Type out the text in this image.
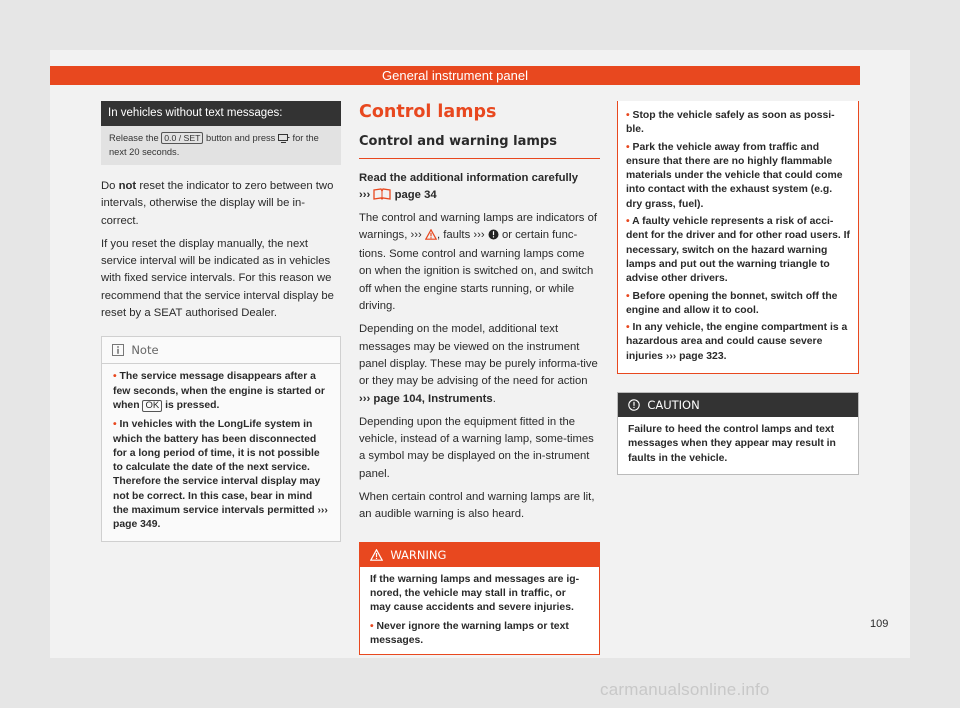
General instrument panel
In vehicles without text messages:
Release the 0.0 / SET button and press for the next 20 seconds.

Do not reset the indicator to zero between two intervals, otherwise the display will be in-correct.

If you reset the display manually, the next service interval will be indicated as in vehicles with fixed service intervals. For this reason we recommend that the service interval display be reset by a SEAT authorised Dealer.

Note

• The service message disappears after a few seconds, when the engine is started or when OK is pressed.

• In vehicles with the LongLife system in which the battery has been disconnected for a long period of time, it is not possible to calculate the date of the next service. Therefore the service interval display may not be correct. In this case, bear in mind the maximum service intervals permitted ››› page 349.

Control lamps
Control and warning lamps

Read the additional information carefully
››› page 34

The control and warning lamps are indicators of warnings, ››› , faults ››› or certain func-tions. Some control and warning lamps come on when the ignition is switched on, and switch off when the engine starts running, or while driving.

Depending on the model, additional text messages may be viewed on the instrument panel display. These may be purely informa-tive or they may be advising of the need for action ››› page 104, Instruments.

Depending upon the equipment fitted in the vehicle, instead of a warning lamp, some-times a symbol may be displayed on the in-strument panel.

When certain control and warning lamps are lit, an audible warning is also heard.

WARNING

If the warning lamps and messages are ig-nored, the vehicle may stall in traffic, or may cause accidents and severe injuries.

• Never ignore the warning lamps or text messages.

• Stop the vehicle safely as soon as possi-ble.

• Park the vehicle away from traffic and ensure that there are no highly flammable materials under the vehicle that could come into contact with the exhaust system (e.g. dry grass, fuel).

• A faulty vehicle represents a risk of acci-dent for the driver and for other road users. If necessary, switch on the hazard warning lamps and put out the warning triangle to advise other drivers.

• Before opening the bonnet, switch off the engine and allow it to cool.

• In any vehicle, the engine compartment is a hazardous area and could cause severe injuries ››› page 323.

CAUTION

Failure to heed the control lamps and text messages when they appear may result in faults in the vehicle.

109
carmanualsonline.info
